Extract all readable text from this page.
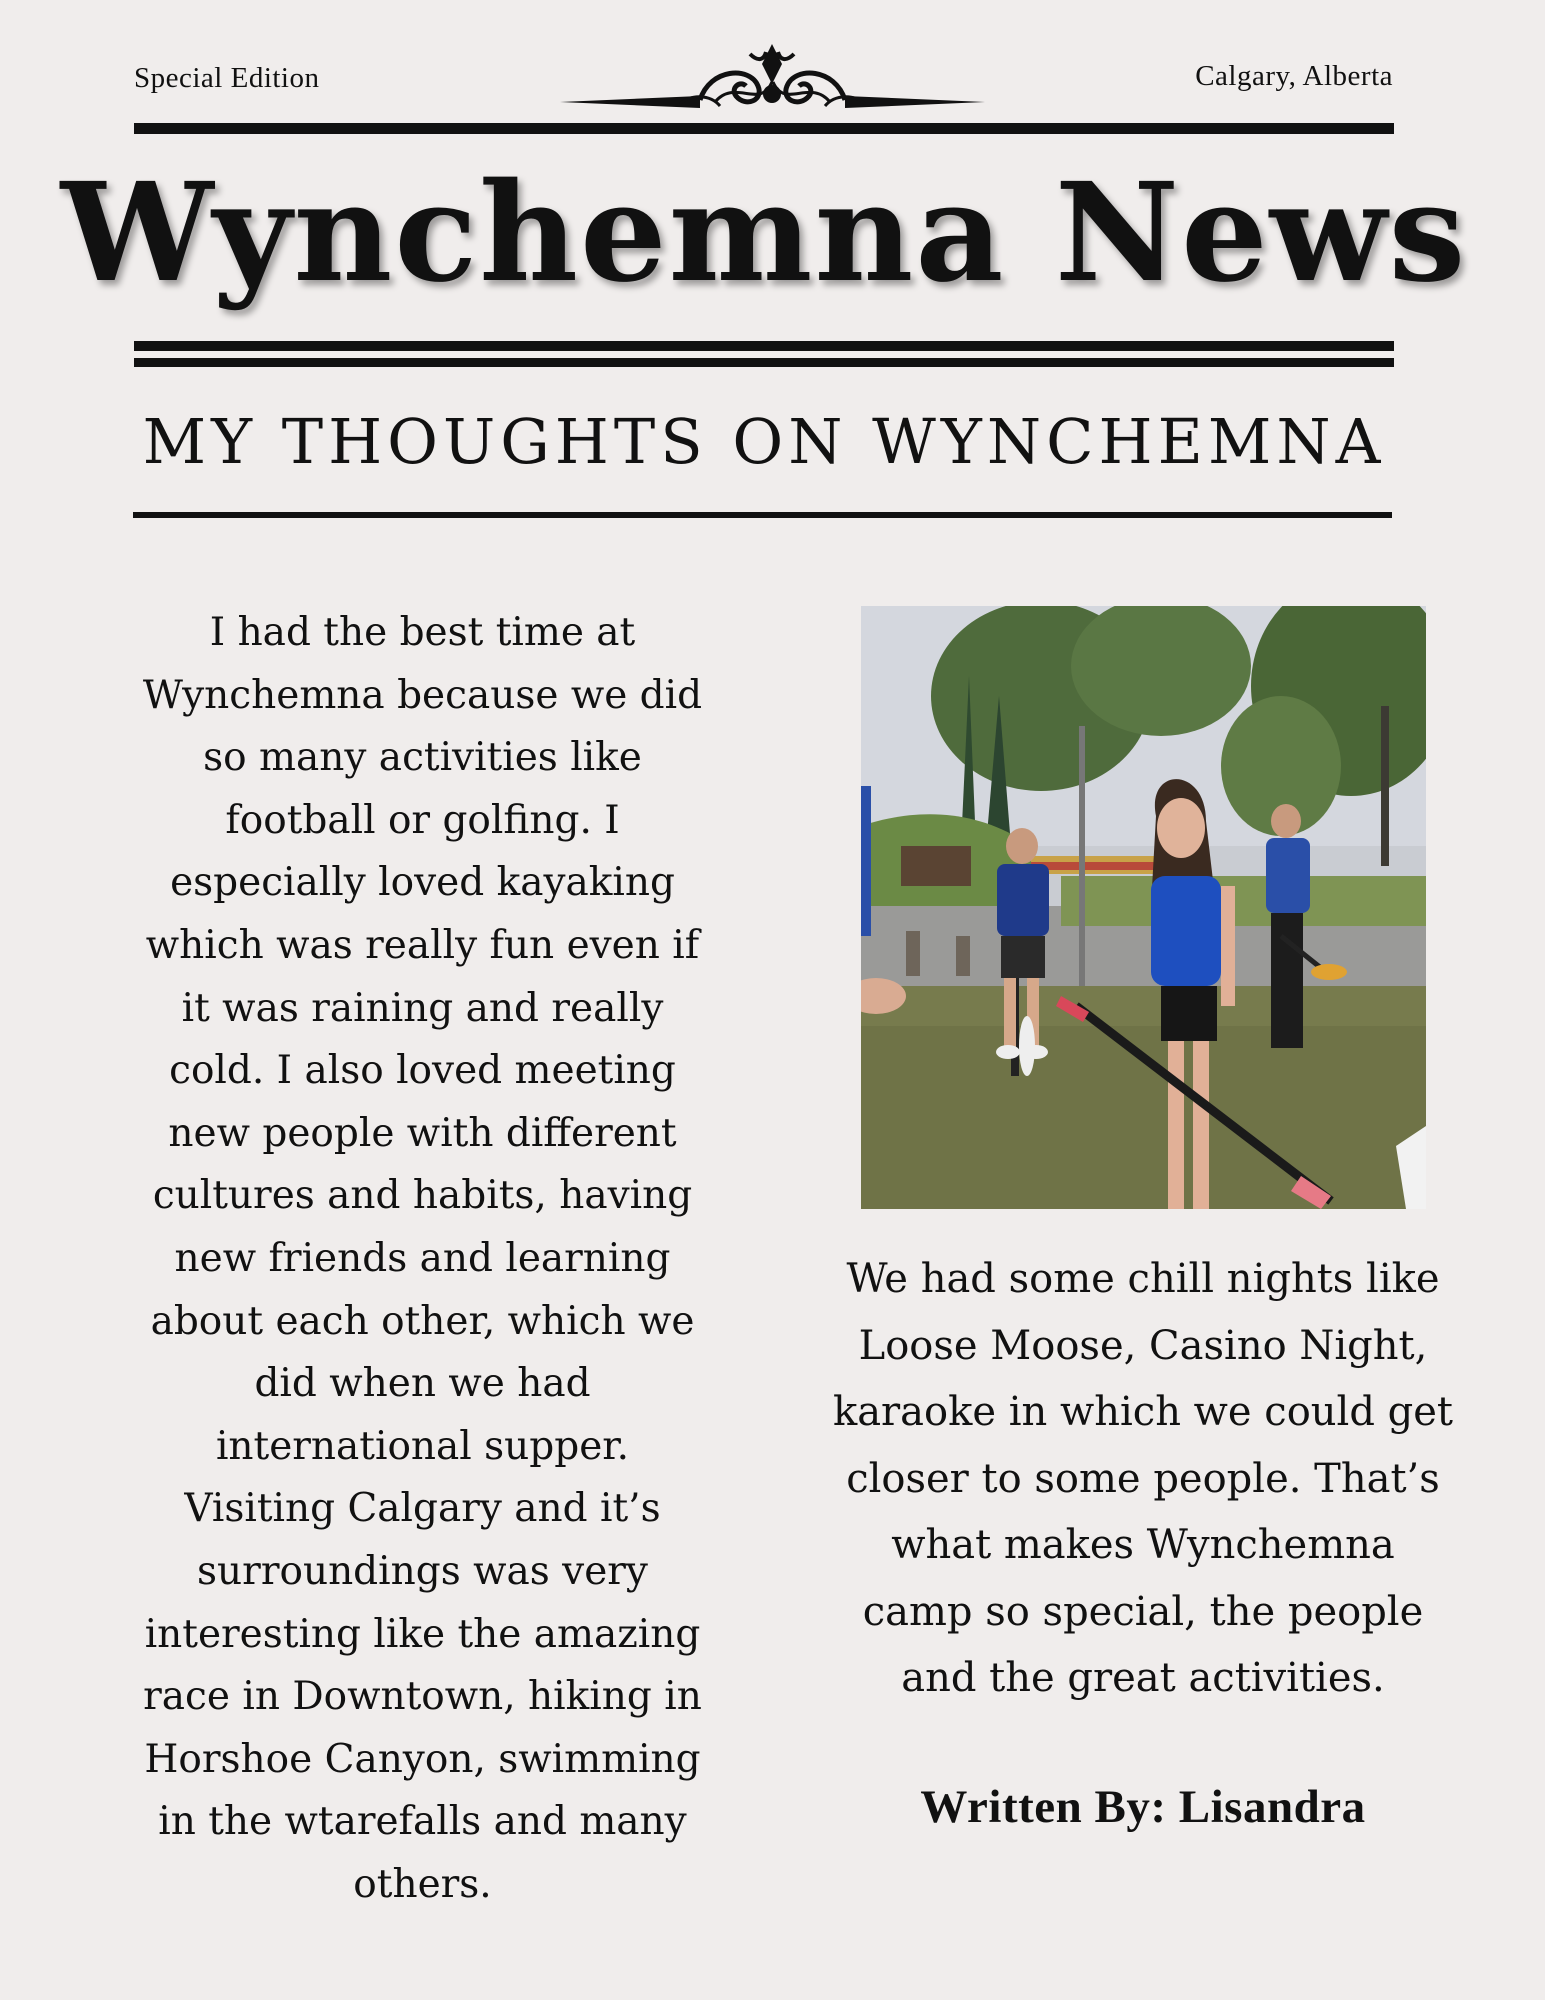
Special Edition	Calgary, Alberta
Wynchemna News
MY THOUGHTS ON WYNCHEMNA
I had the best time at
Wynchemna because we did
so many activities like
football or golfing. I
especially loved kayaking
which was really fun even if
it was raining and really
cold. I also loved meeting
new people with different
cultures and habits, having
new friends and learning
about each other, which we
did when we had
international supper.
Visiting Calgary and it’s
surroundings was very
interesting like the amazing
race in Downtown, hiking in
Horshoe Canyon, swimming
in the wtarefalls and many
others.
We had some chill nights like
Loose Moose, Casino Night,
karaoke in which we could get
closer to some people. That’s
what makes Wynchemna
camp so special, the people
and the great activities.
Written By: Lisandra
